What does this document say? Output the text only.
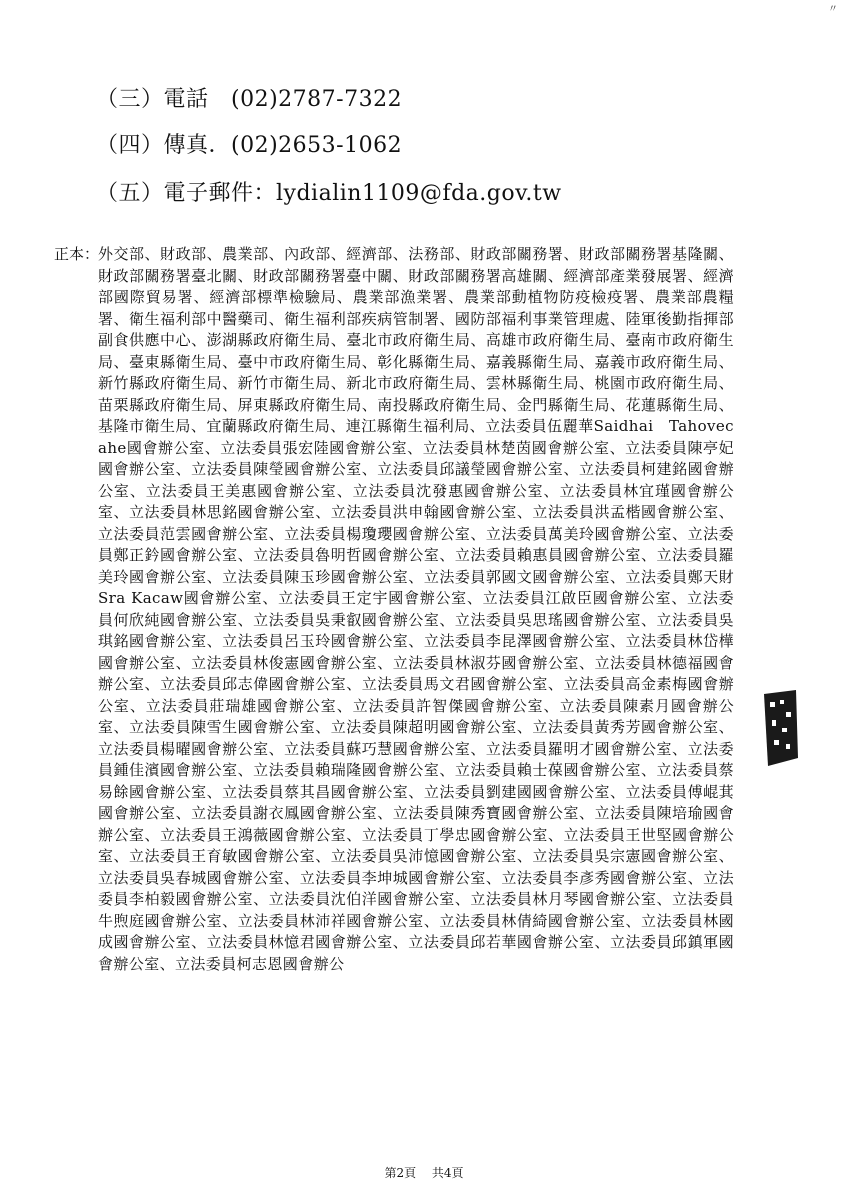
〃
（三）電話　(02)2787-7322
（四）傳真．(02)2653-1062
（五）電子郵件：lydialin1109@fda.gov.tw
正本：
外交部、財政部、農業部、內政部、經濟部、法務部、財政部關務署、財政部關務署基隆關、財政部關務署臺北關、財政部關務署臺中關、財政部關務署高雄關、經濟部產業發展署、經濟部國際貿易署、經濟部標準檢驗局、農業部漁業署、農業部動植物防疫檢疫署、農業部農糧署、衛生福利部中醫藥司、衛生福利部疾病管制署、國防部福利事業管理處、陸軍後勤指揮部副食供應中心、澎湖縣政府衛生局、臺北市政府衛生局、高雄市政府衛生局、臺南市政府衛生局、臺東縣衛生局、臺中市政府衛生局、彰化縣衛生局、嘉義縣衛生局、嘉義市政府衛生局、新竹縣政府衛生局、新竹市衛生局、新北市政府衛生局、雲林縣衛生局、桃園市政府衛生局、苗栗縣政府衛生局、屏東縣政府衛生局、南投縣政府衛生局、金門縣衛生局、花蓮縣衛生局、基隆市衛生局、宜蘭縣政府衛生局、連江縣衛生福利局、立法委員伍麗華Saidhai　Tahovecahe國會辦公室、立法委員張宏陸國會辦公室、立法委員林楚茵國會辦公室、立法委員陳亭妃國會辦公室、立法委員陳瑩國會辦公室、立法委員邱議瑩國會辦公室、立法委員柯建銘國會辦公室、立法委員王美惠國會辦公室、立法委員沈發惠國會辦公室、立法委員林宜瑾國會辦公室、立法委員林思銘國會辦公室、立法委員洪申翰國會辦公室、立法委員洪孟楷國會辦公室、立法委員范雲國會辦公室、立法委員楊瓊瓔國會辦公室、立法委員萬美玲國會辦公室、立法委員鄭正鈐國會辦公室、立法委員魯明哲國會辦公室、立法委員賴惠員國會辦公室、立法委員羅美玲國會辦公室、立法委員陳玉珍國會辦公室、立法委員郭國文國會辦公室、立法委員鄭天財Sra Kacaw國會辦公室、立法委員王定宇國會辦公室、立法委員江啟臣國會辦公室、立法委員何欣純國會辦公室、立法委員吳秉叡國會辦公室、立法委員吳思瑤國會辦公室、立法委員吳琪銘國會辦公室、立法委員呂玉玲國會辦公室、立法委員李昆澤國會辦公室、立法委員林岱樺國會辦公室、立法委員林俊憲國會辦公室、立法委員林淑芬國會辦公室、立法委員林德福國會辦公室、立法委員邱志偉國會辦公室、立法委員馬文君國會辦公室、立法委員高金素梅國會辦公室、立法委員莊瑞雄國會辦公室、立法委員許智傑國會辦公室、立法委員陳素月國會辦公室、立法委員陳雪生國會辦公室、立法委員陳超明國會辦公室、立法委員黃秀芳國會辦公室、立法委員楊曜國會辦公室、立法委員蘇巧慧國會辦公室、立法委員羅明才國會辦公室、立法委員鍾佳濱國會辦公室、立法委員賴瑞隆國會辦公室、立法委員賴士葆國會辦公室、立法委員蔡易餘國會辦公室、立法委員蔡其昌國會辦公室、立法委員劉建國國會辦公室、立法委員傅崐萁國會辦公室、立法委員謝衣鳳國會辦公室、立法委員陳秀寶國會辦公室、立法委員陳培瑜國會辦公室、立法委員王鴻薇國會辦公室、立法委員丁學忠國會辦公室、立法委員王世堅國會辦公室、立法委員王育敏國會辦公室、立法委員吳沛憶國會辦公室、立法委員吳宗憲國會辦公室、立法委員吳春城國會辦公室、立法委員李坤城國會辦公室、立法委員李彥秀國會辦公室、立法委員李柏毅國會辦公室、立法委員沈伯洋國會辦公室、立法委員林月琴國會辦公室、立法委員牛煦庭國會辦公室、立法委員林沛祥國會辦公室、立法委員林倩綺國會辦公室、立法委員林國成國會辦公室、立法委員林憶君國會辦公室、立法委員邱若華國會辦公室、立法委員邱鎮軍國會辦公室、立法委員柯志恩國會辦公
第2頁 共4頁
